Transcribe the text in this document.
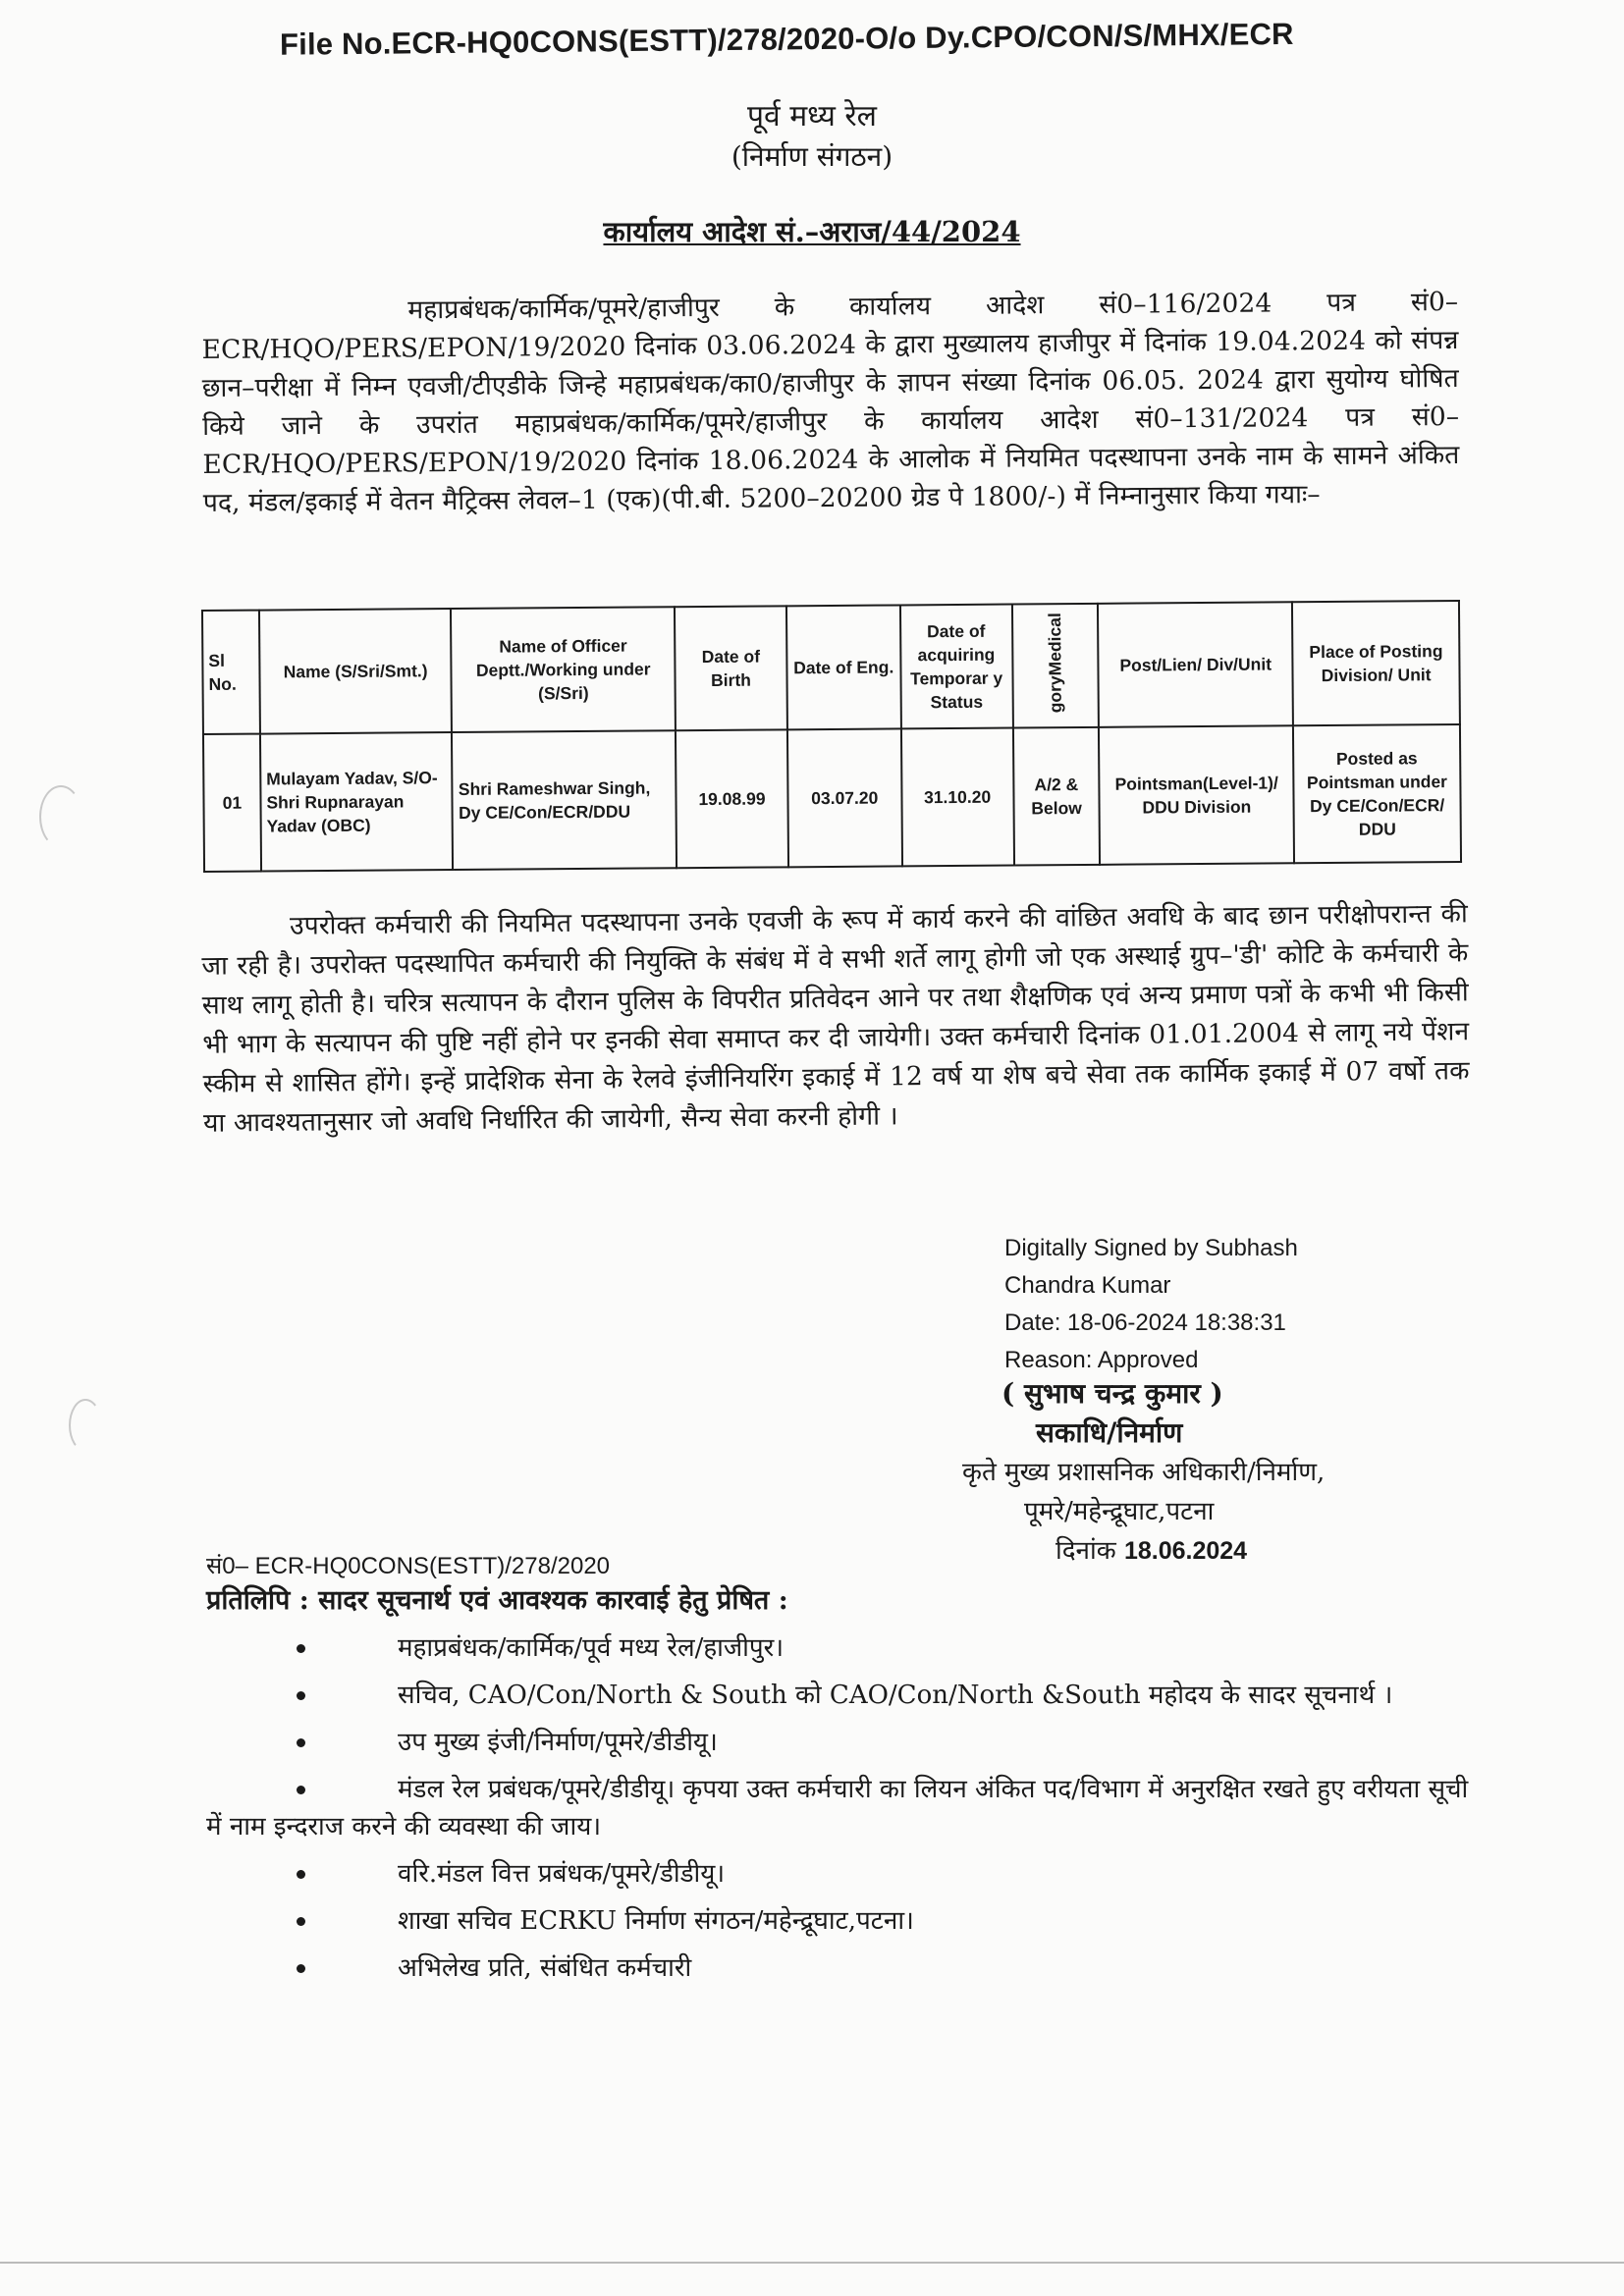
File No.ECR-HQ0CONS(ESTT)/278/2020-O/o Dy.CPO/CON/S/MHX/ECR
पूर्व मध्य रेल
(निर्माण संगठन)
कार्यालय आदेश सं.–अराज/44/2024
महाप्रबंधक/कार्मिक/पूमरे/हाजीपुर के कार्यालय आदेश सं0–116/2024 पत्र सं0– ECR/HQO/PERS/EPON/19/2020 दिनांक 03.06.2024 के द्वारा मुख्यालय हाजीपुर में दिनांक 19.04.2024 को संपन्न छान–परीक्षा में निम्न एवजी/टीएडीके जिन्हे महाप्रबंधक/का0/हाजीपुर के ज्ञापन संख्या दिनांक 06.05. 2024 द्वारा सुयोग्य घोषित किये जाने के उपरांत महाप्रबंधक/कार्मिक/पूमरे/हाजीपुर के कार्यालय आदेश सं0–131/2024 पत्र सं0– ECR/HQO/PERS/EPON/19/2020 दिनांक 18.06.2024 के आलोक में नियमित पदस्थापना उनके नाम के सामने अंकित पद, मंडल/इकाई में वेतन मैट्रिक्स लेवल–1 (एक)(पी.बी. 5200–20200 ग्रेड पे 1800/-) में निम्नानुसार किया गयाः–
Sl No.	Name (S/Sri/Smt.)	Name of Officer Deptt./Working under (S/Sri)	Date of Birth	Date of Eng.	Date of acquiring Temporar y Status	goryMedical	Post/Lien/ Div/Unit	Place of Posting Division/ Unit
01	Mulayam Yadav, S/O- Shri Rupnarayan Yadav (OBC)	Shri Rameshwar Singh, Dy CE/Con/ECR/DDU	19.08.99	03.07.20	31.10.20	A/2 & Below	Pointsman(Level-1)/ DDU Division	Posted as Pointsman under Dy CE/Con/ECR/ DDU
उपरोक्त कर्मचारी की नियमित पदस्थापना उनके एवजी के रूप में कार्य करने की वांछित अवधि के बाद छान परीक्षोपरान्त की जा रही है। उपरोक्त पदस्थापित कर्मचारी की नियुक्ति के संबंध में वे सभी शर्ते लागू होगी जो एक अस्थाई ग्रुप–'डी' कोटि के कर्मचारी के साथ लागू होती है। चरित्र सत्यापन के दौरान पुलिस के विपरीत प्रतिवेदन आने पर तथा शैक्षणिक एवं अन्य प्रमाण पत्रों के कभी भी किसी भी भाग के सत्यापन की पुष्टि नहीं होने पर इनकी सेवा समाप्त कर दी जायेगी। उक्त कर्मचारी दिनांक 01.01.2004 से लागू नये पेंशन स्कीम से शासित होंगे। इन्हें प्रादेशिक सेना के रेलवे इंजीनियरिंग इकाई में 12 वर्ष या शेष बचे सेवा तक कार्मिक इकाई में 07 वर्षो तक या आवश्यतानुसार जो अवधि निर्धारित की जायेगी, सैन्य सेवा करनी होगी ।
Digitally Signed by Subhash
Chandra Kumar
Date: 18-06-2024 18:38:31
Reason: Approved
( सुभाष चन्द्र कुमार )
सकाधि/निर्माण
कृते मुख्य प्रशासनिक अधिकारी/निर्माण,
पूमरे/महेन्द्रूघाट,पटना
दिनांक 18.06.2024
सं0– ECR-HQ0CONS(ESTT)/278/2020
प्रतिलिपि : सादर सूचनार्थ एवं आवश्यक कारवाई हेतु प्रेषित :
महाप्रबंधक/कार्मिक/पूर्व मध्य रेल/हाजीपुर।
सचिव, CAO/Con/North & South को CAO/Con/North &South महोदय के सादर सूचनार्थ ।
उप मुख्य इंजी/निर्माण/पूमरे/डीडीयू।
मंडल रेल प्रबंधक/पूमरे/डीडीयू। कृपया उक्त कर्मचारी का लियन अंकित पद/विभाग में अनुरक्षित रखते हुए वरीयता सूची में नाम इन्दराज करने की व्यवस्था की जाय।
वरि.मंडल वित्त प्रबंधक/पूमरे/डीडीयू।
शाखा सचिव ECRKU निर्माण संगठन/महेन्द्रूघाट,पटना।
अभिलेख प्रति, संबंधित कर्मचारी
